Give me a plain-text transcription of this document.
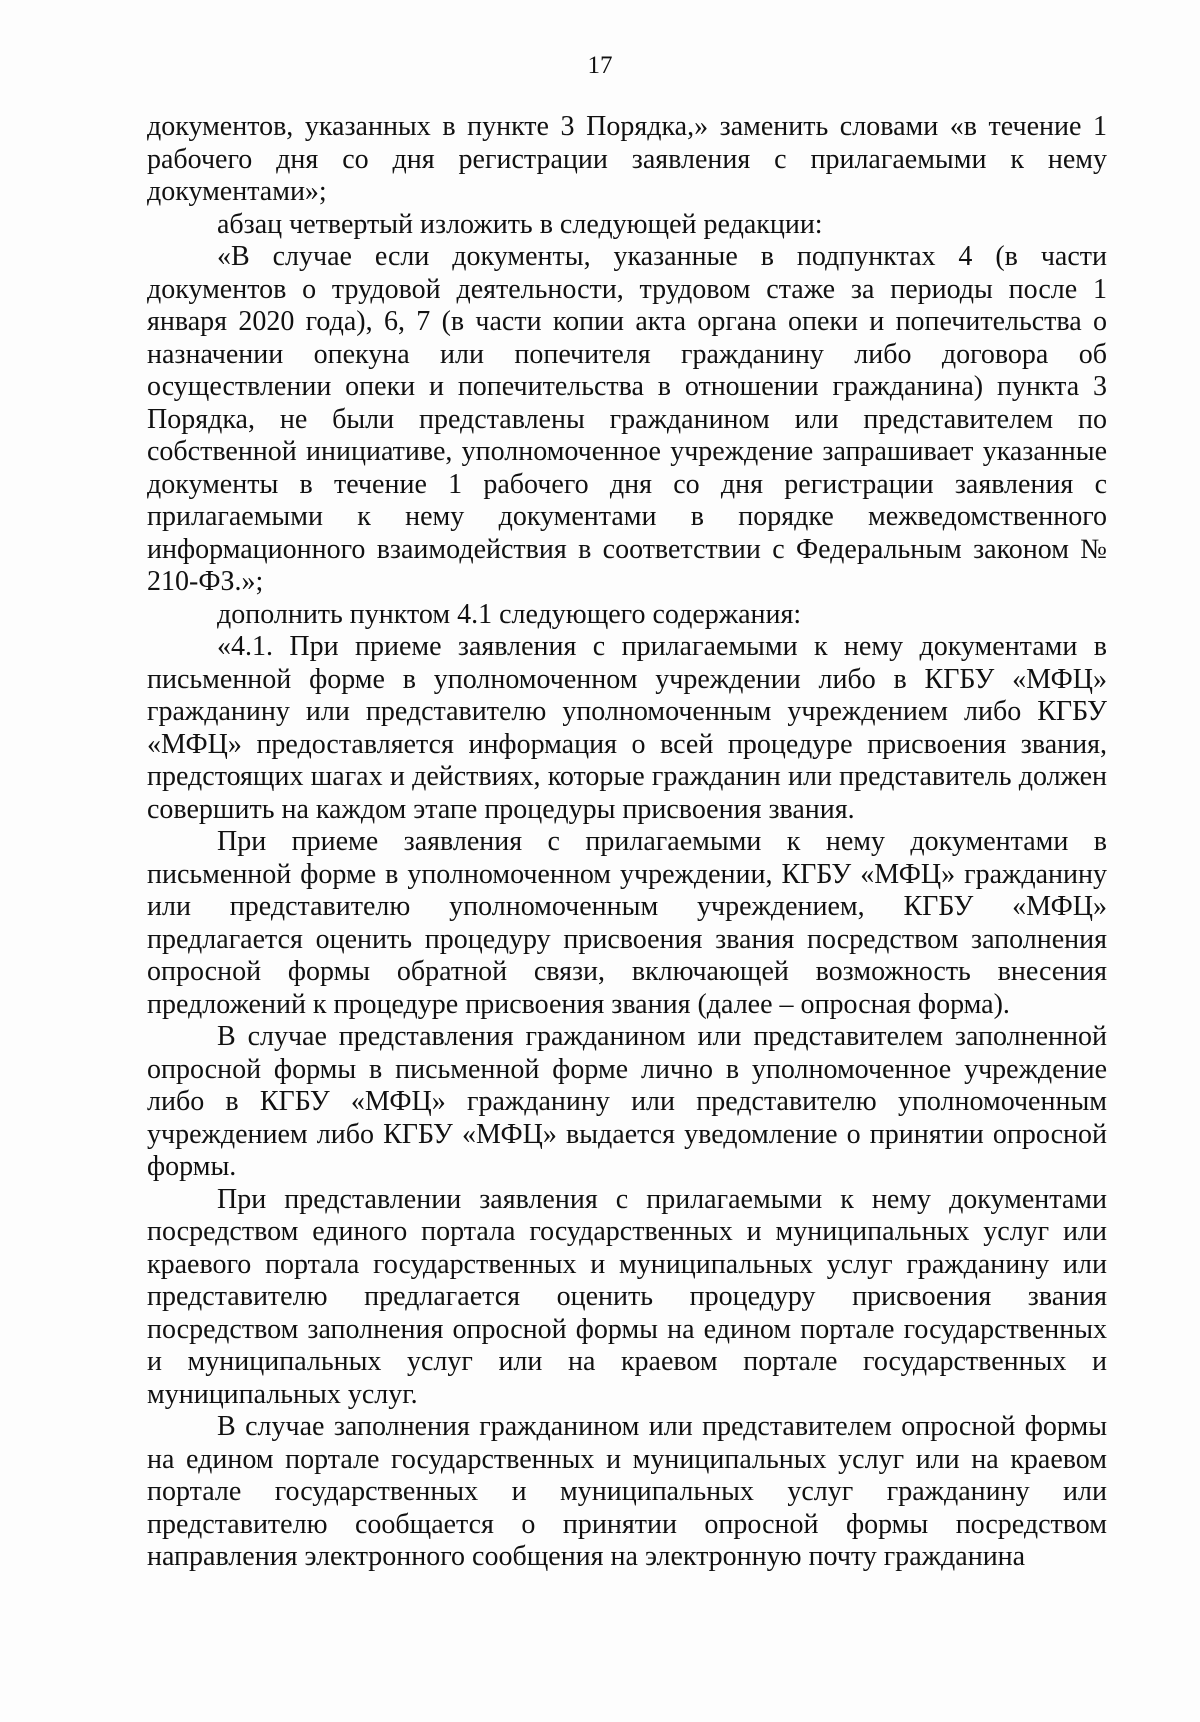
17

документов, указанных в пункте 3 Порядка,» заменить словами «в течение 1 рабочего дня со дня регистрации заявления с прилагаемыми к нему документами»;

абзац четвертый изложить в следующей редакции:

«В случае если документы, указанные в подпунктах 4 (в части документов о трудовой деятельности, трудовом стаже за периоды после 1 января 2020 года), 6, 7 (в части копии акта органа опеки и попечительства о назначении опекуна или попечителя гражданину либо договора об осуществлении опеки и попечительства в отношении гражданина) пункта 3 Порядка, не были представлены гражданином или представителем по собственной инициативе, уполномоченное учреждение запрашивает указанные документы в течение 1 рабочего дня со дня регистрации заявления с прилагаемыми к нему документами в порядке межведомственного информационного взаимодействия в соответствии с Федеральным законом № 210-ФЗ.»;

дополнить пунктом 4.1 следующего содержания:

«4.1. При приеме заявления с прилагаемыми к нему документами в письменной форме в уполномоченном учреждении либо в КГБУ «МФЦ» гражданину или представителю уполномоченным учреждением либо КГБУ «МФЦ» предоставляется информация о всей процедуре присвоения звания, предстоящих шагах и действиях, которые гражданин или представитель должен совершить на каждом этапе процедуры присвоения звания.

При приеме заявления с прилагаемыми к нему документами в письменной форме в уполномоченном учреждении, КГБУ «МФЦ» гражданину или представителю уполномоченным учреждением, КГБУ «МФЦ» предлагается оценить процедуру присвоения звания посредством заполнения опросной формы обратной связи, включающей возможность внесения предложений к процедуре присвоения звания (далее – опросная форма).

В случае представления гражданином или представителем заполненной опросной формы в письменной форме лично в уполномоченное учреждение либо в КГБУ «МФЦ» гражданину или представителю уполномоченным учреждением либо КГБУ «МФЦ» выдается уведомление о принятии опросной формы.

При представлении заявления с прилагаемыми к нему документами посредством единого портала государственных и муниципальных услуг или краевого портала государственных и муниципальных услуг гражданину или представителю предлагается оценить процедуру присвоения звания посредством заполнения опросной формы на едином портале государственных и муниципальных услуг или на краевом портале государственных и муниципальных услуг.

В случае заполнения гражданином или представителем опросной формы на едином портале государственных и муниципальных услуг или на краевом портале государственных и муниципальных услуг гражданину или представителю сообщается о принятии опросной формы посредством направления электронного сообщения на электронную почту гражданина
